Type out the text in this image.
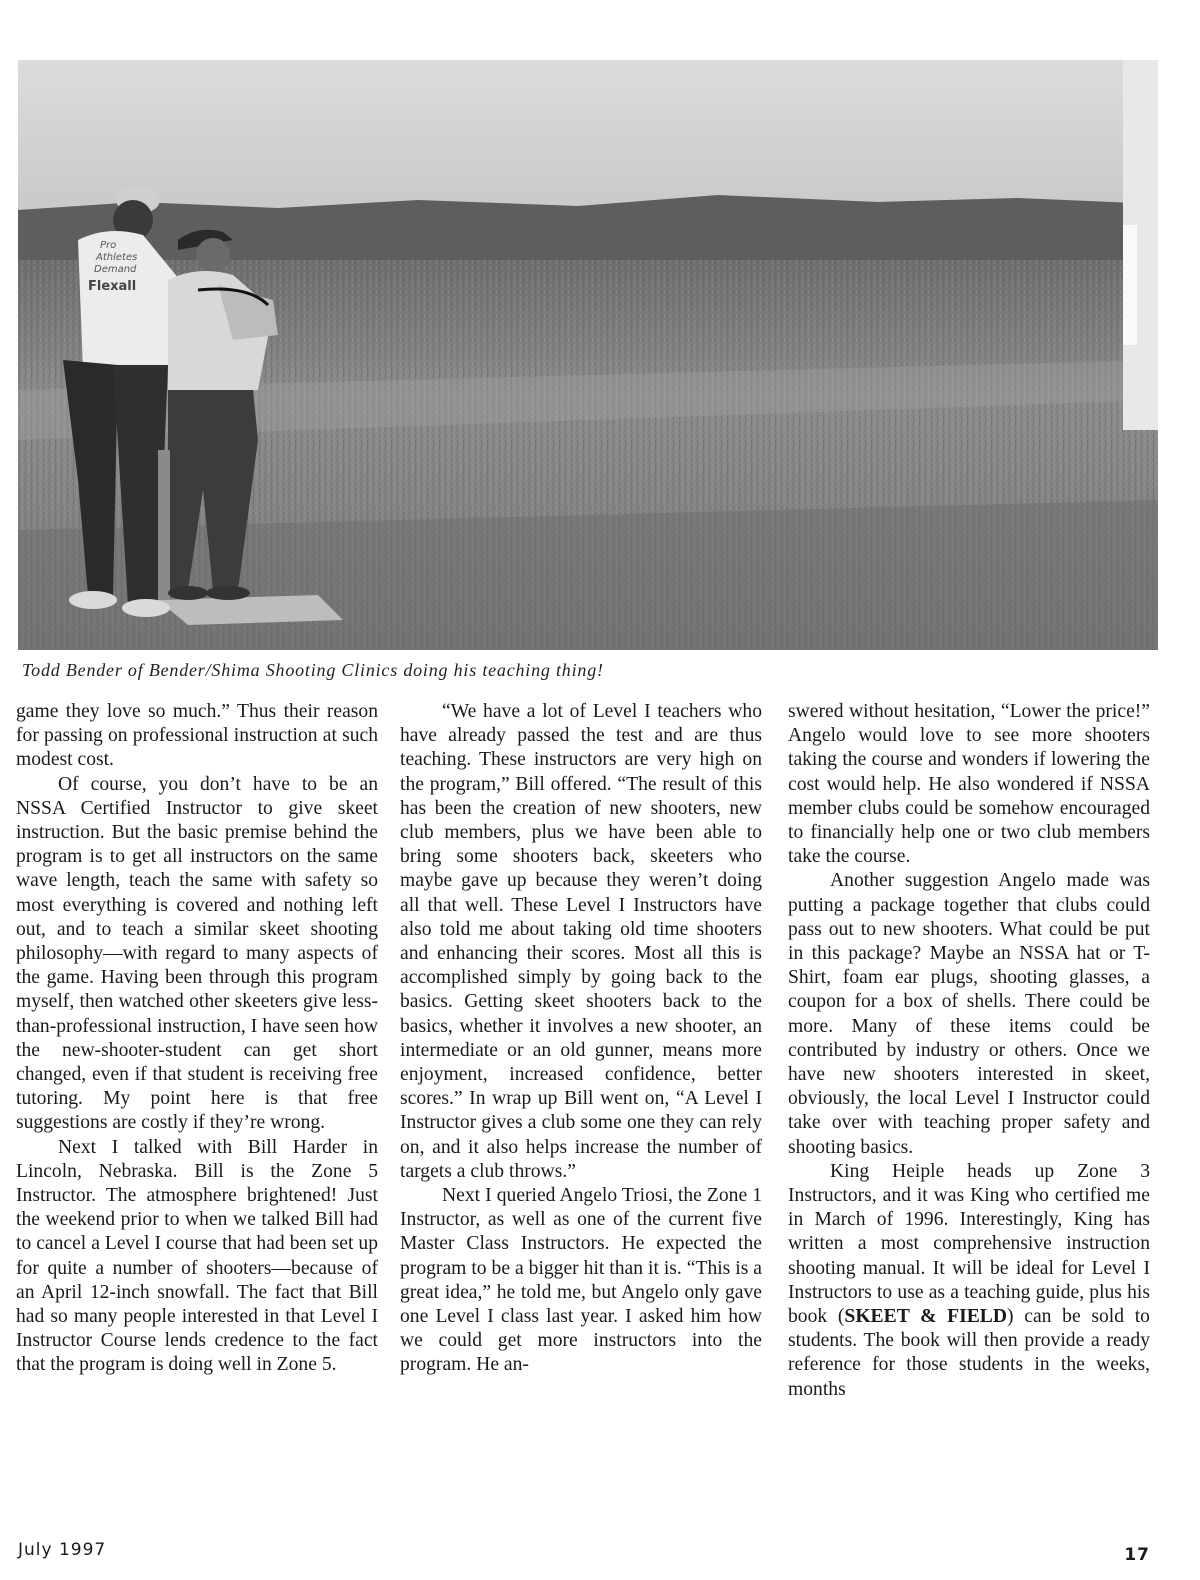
Pro
Athletes
Demand
Flexall
Todd Bender of Bender/Shima Shooting Clinics doing his teaching thing!

game they love so much.” Thus their reason for passing on professional instruction at such modest cost.

Of course, you don’t have to be an NSSA Certified Instructor to give skeet instruction. But the basic premise behind the program is to get all instructors on the same wave length, teach the same with safety so most everything is covered and nothing left out, and to teach a similar skeet shooting philosophy—with regard to many aspects of the game. Having been through this program myself, then watched other skeeters give less-than-professional instruction, I have seen how the new-shooter-student can get short changed, even if that student is receiving free tutoring. My point here is that free suggestions are costly if they’re wrong.

Next I talked with Bill Harder in Lincoln, Nebraska. Bill is the Zone 5 Instructor. The atmosphere brightened! Just the weekend prior to when we talked Bill had to cancel a Level I course that had been set up for quite a number of shooters—because of an April 12-inch snowfall. The fact that Bill had so many people interested in that Level I Instructor Course lends credence to the fact that the program is doing well in Zone 5.

“We have a lot of Level I teachers who have already passed the test and are thus teaching. These instructors are very high on the program,” Bill offered. “The result of this has been the creation of new shooters, new club members, plus we have been able to bring some shooters back, skeeters who maybe gave up because they weren’t doing all that well. These Level I Instructors have also told me about taking old time shooters and enhancing their scores. Most all this is accomplished simply by going back to the basics. Getting skeet shooters back to the basics, whether it involves a new shooter, an intermediate or an old gunner, means more enjoyment, increased confidence, better scores.” In wrap up Bill went on, “A Level I Instructor gives a club some one they can rely on, and it also helps increase the number of targets a club throws.”

Next I queried Angelo Triosi, the Zone 1 Instructor, as well as one of the current five Master Class Instructors. He expected the program to be a bigger hit than it is. “This is a great idea,” he told me, but Angelo only gave one Level I class last year. I asked him how we could get more instructors into the program. He an-

swered without hesitation, “Lower the price!” Angelo would love to see more shooters taking the course and wonders if lowering the cost would help. He also wondered if NSSA member clubs could be somehow encouraged to financially help one or two club members take the course.

Another suggestion Angelo made was putting a package together that clubs could pass out to new shooters. What could be put in this package? Maybe an NSSA hat or T-Shirt, foam ear plugs, shooting glasses, a coupon for a box of shells. There could be more. Many of these items could be contributed by industry or others. Once we have new shooters interested in skeet, obviously, the local Level I Instructor could take over with teaching proper safety and shooting basics.

King Heiple heads up Zone 3 Instructors, and it was King who certified me in March of 1996. Interestingly, King has written a most comprehensive instruction shooting manual. It will be ideal for Level I Instructors to use as a teaching guide, plus his book (SKEET & FIELD) can be sold to students. The book will then provide a ready reference for those students in the weeks, months

July 1997	17
